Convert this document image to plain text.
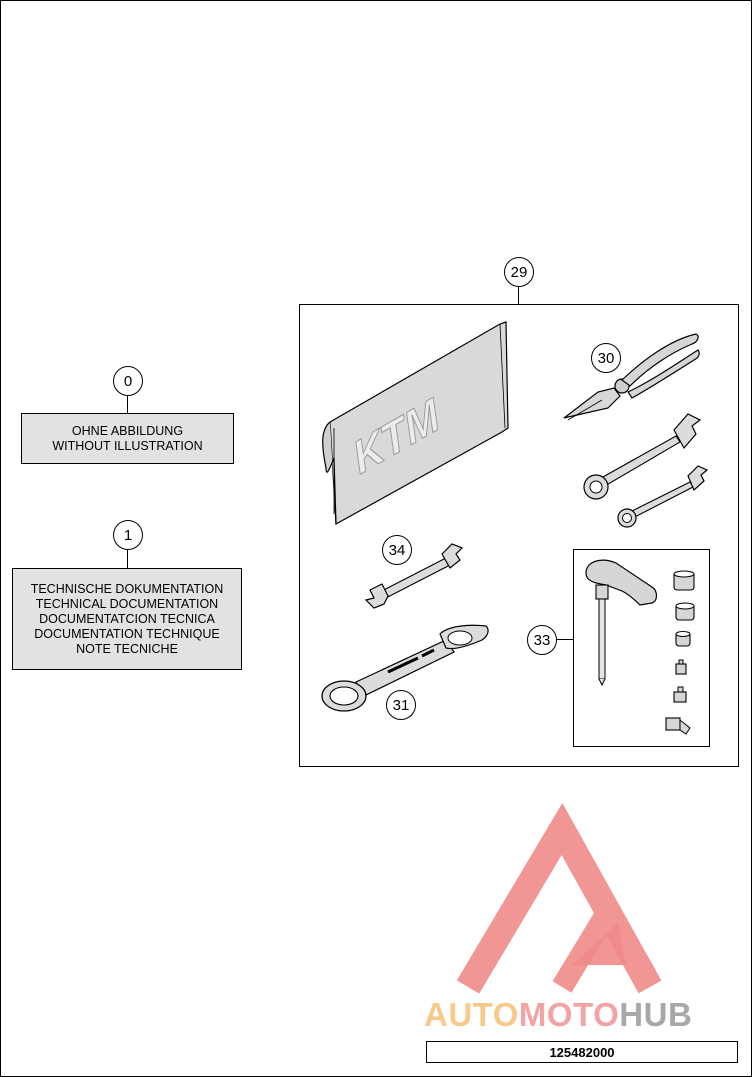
0
OHNE ABBILDUNG
WITHOUT ILLUSTRATION
1
TECHNISCHE DOKUMENTATION
TECHNICAL DOCUMENTATION
DOCUMENTATCION TECNICA
DOCUMENTATION TECHNIQUE
NOTE TECNICHE
29
KTM
30
34
31
33
AUTOMOTOHUB
125482000
